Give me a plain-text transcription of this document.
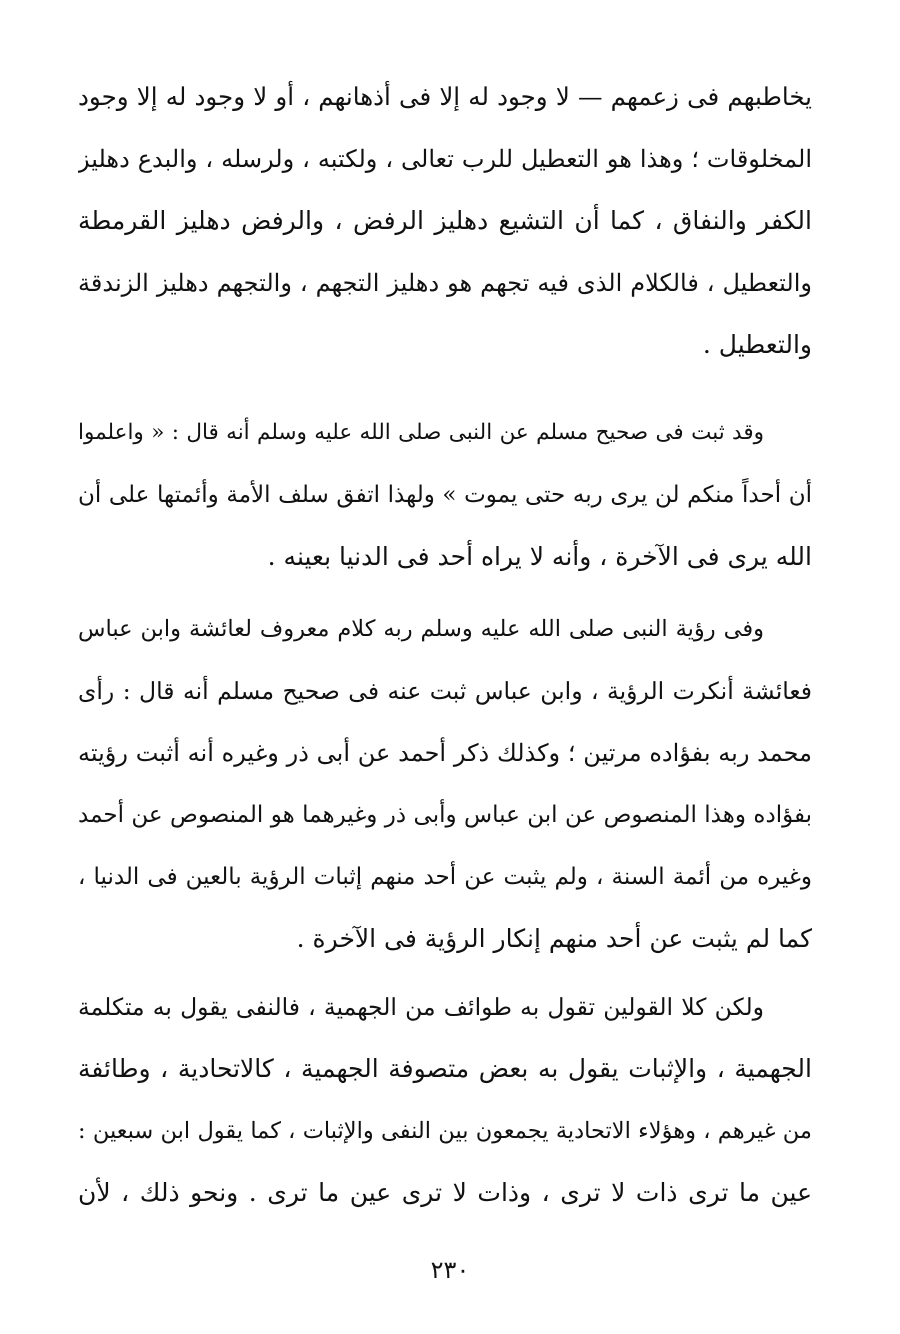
يخاطبهم فى زعمهم — لا وجود له إلا فى أذهانهم ، أو لا وجود له إلا وجود
المخلوقات ؛ وهذا هو التعطيل للرب تعالى ، ولكتبه ، ولرسله ، والبدع دهليز
الكفر والنفاق ، كما أن التشيع دهليز الرفض ، والرفض دهليز القرمطة
والتعطيل ، فالكلام الذى فيه تجهم هو دهليز التجهم ، والتجهم دهليز الزندقة
والتعطيل .
وقد ثبت فى صحيح مسلم عن النبى صلى الله عليه وسلم أنه قال : « واعلموا
أن أحداً منكم لن يرى ربه حتى يموت » ولهذا اتفق سلف الأمة وأئمتها على أن
الله يرى فى الآخرة ، وأنه لا يراه أحد فى الدنيا بعينه .
وفى رؤية النبى صلى الله عليه وسلم ربه كلام معروف لعائشة وابن عباس
فعائشة أنكرت الرؤية ، وابن عباس ثبت عنه فى صحيح مسلم أنه قال : رأى
محمد ربه بفؤاده مرتين ؛ وكذلك ذكر أحمد عن أبى ذر وغيره أنه أثبت رؤيته
بفؤاده وهذا المنصوص عن ابن عباس وأبى ذر وغيرهما هو المنصوص عن أحمد
وغيره من أئمة السنة ، ولم يثبت عن أحد منهم إثبات الرؤية بالعين فى الدنيا ،
كما لم يثبت عن أحد منهم إنكار الرؤية فى الآخرة .
ولكن كلا القولين تقول به طوائف من الجهمية ، فالنفى يقول به متكلمة
الجهمية ، والإثبات يقول به بعض متصوفة الجهمية ، كالاتحادية ، وطائفة
من غيرهم ، وهؤلاء الاتحادية يجمعون بين النفى والإثبات ، كما يقول ابن سبعين :
عين ما ترى ذات لا ترى ، وذات لا ترى عين ما ترى . ونحو ذلك ، لأن
٢٣٠
